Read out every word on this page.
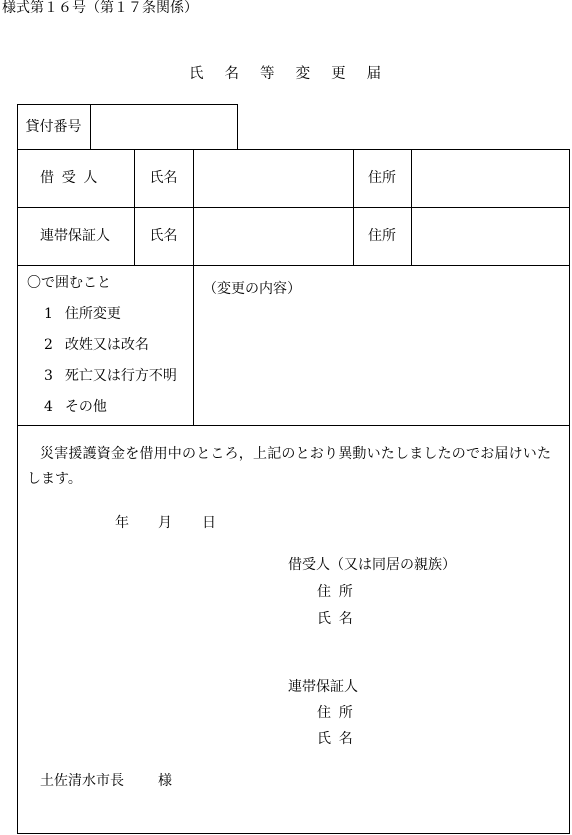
様式第１６号（第１７条関係）
氏名等変更届
貸付番号
借受人	氏名	住所
連帯保証人	氏名	住所
〇で囲むこと
1 住所変更
2 改姓又は改名
3 死亡又は行方不明
4 その他
（変更の内容）
災害援護資金を借用中のところ，上記のとおり異動いたしましたのでお届けいた
します。
年 月 日
借受人（又は同居の親族）
住所
氏名
連帯保証人
住所
氏名
土佐清水市長 様
